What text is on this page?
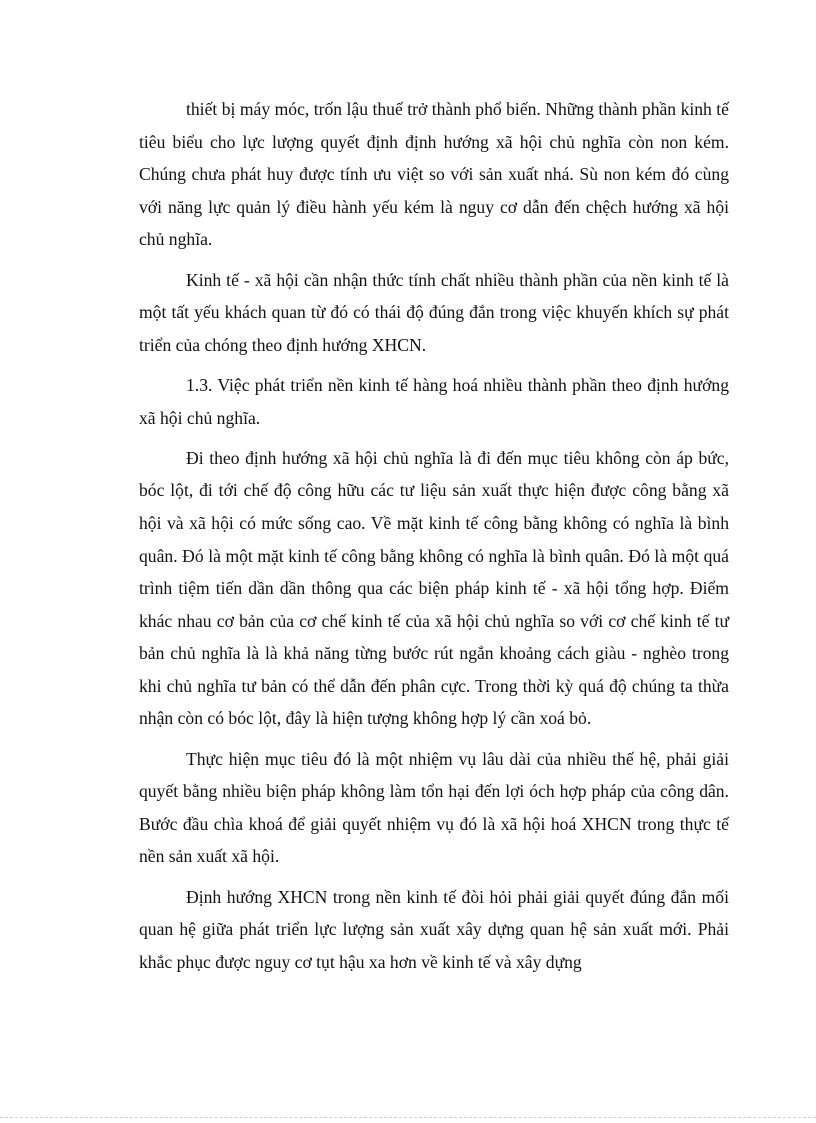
thiết bị máy móc, trốn lậu thuế trở thành phổ biến. Những thành phần kinh tế tiêu biểu cho lực lượng quyết định định hướng xã hội chủ nghĩa còn non kém. Chúng chưa phát huy được tính ưu việt so với sản xuất nhá. Sù non kém đó cùng với năng lực quản lý điều hành yếu kém là nguy cơ dẫn đến chệch hướng xã hội chủ nghĩa.

Kinh tế - xã hội cần nhận thức tính chất nhiều thành phần của nền kinh tế là một tất yếu khách quan từ đó có thái độ đúng đắn trong việc khuyến khích sự phát triển của chóng theo định hướng XHCN.

1.3. Việc phát triển nền kinh tế hàng hoá nhiều thành phần theo định hướng xã hội chủ nghĩa.

Đi theo định hướng xã hội chủ nghĩa là đi đến mục tiêu không còn áp bức, bóc lột, đi tới chế độ công hữu các tư liệu sản xuất thực hiện được công bằng xã hội và xã hội có mức sống cao. Về mặt kinh tế công bằng không có nghĩa là bình quân. Đó là một mặt kinh tế công bằng không có nghĩa là bình quân. Đó là một quá trình tiệm tiến dần dần thông qua các biện pháp kinh tế - xã hội tổng hợp. Điểm khác nhau cơ bản của cơ chế kinh tế của xã hội chủ nghĩa so với cơ chế kinh tế tư bản chủ nghĩa là là khả năng từng bước rút ngắn khoảng cách giàu - nghèo trong khi chủ nghĩa tư bản có thể dẫn đến phân cực. Trong thời kỳ quá độ chúng ta thừa nhận còn có bóc lột, đây là hiện tượng không hợp lý cần xoá bỏ.

Thực hiện mục tiêu đó là một nhiệm vụ lâu dài của nhiều thế hệ, phải giải quyết bằng nhiều biện pháp không làm tổn hại đến lợi óch hợp pháp của công dân. Bước đầu chìa khoá để giải quyết nhiệm vụ đó là xã hội hoá XHCN trong thực tế nền sản xuất xã hội.

Định hướng XHCN trong nền kinh tế đòi hỏi phải giải quyết đúng đắn mối quan hệ giữa phát triển lực lượng sản xuất xây dựng quan hệ sản xuất mới. Phải khắc phục được nguy cơ tụt hậu xa hơn về kinh tế và xây dựng
